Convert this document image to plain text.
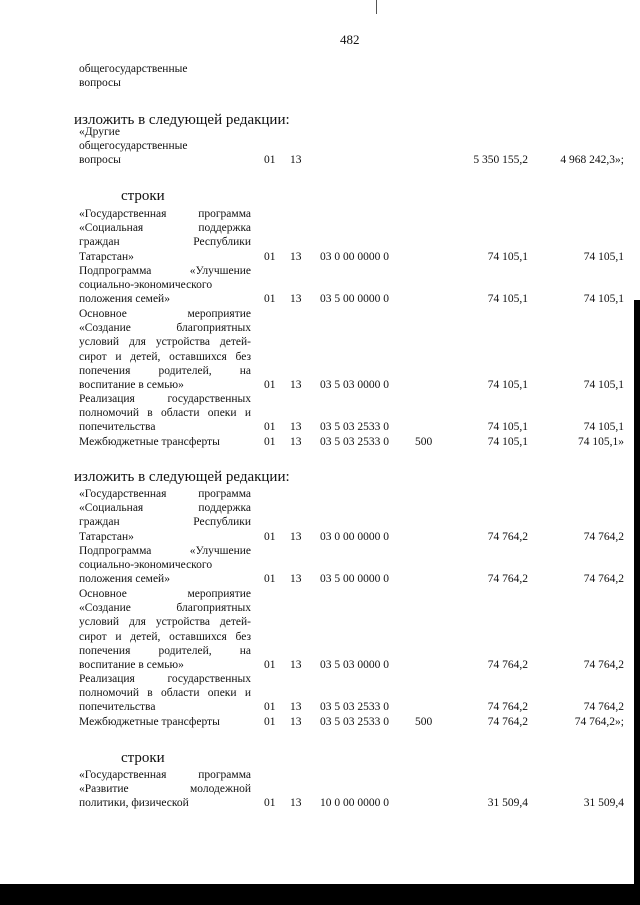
482
общегосударственные
вопросы
изложить в следующей редакции:
«Другие
общегосударственные
вопросы	01 13	5 350 155,2	4 968 242,3»;
строки
«Государственная программа
«Социальная поддержка
граждан Республики
Татарстан»	01 13 03 0 00 0000 0	74 105,1	74 105,1
Подпрограмма «Улучшение
социально-экономического
положения семей»	01 13 03 5 00 0000 0	74 105,1	74 105,1
Основное мероприятие
«Создание благоприятных
условий для устройства детей-
сирот и детей, оставшихся без
попечения родителей, на
воспитание в семью»	01 13 03 5 03 0000 0	74 105,1	74 105,1
Реализация государственных
полномочий в области опеки и
попечительства	01 13 03 5 03 2533 0	74 105,1	74 105,1
Межбюджетные трансферты	01 13 03 5 03 2533 0 500	74 105,1	74 105,1»
изложить в следующей редакции:
«Государственная программа
«Социальная поддержка
граждан Республики
Татарстан»	01 13 03 0 00 0000 0	74 764,2	74 764,2
Подпрограмма «Улучшение
социально-экономического
положения семей»	01 13 03 5 00 0000 0	74 764,2	74 764,2
Основное мероприятие
«Создание благоприятных
условий для устройства детей-
сирот и детей, оставшихся без
попечения родителей, на
воспитание в семью»	01 13 03 5 03 0000 0	74 764,2	74 764,2
Реализация государственных
полномочий в области опеки и
попечительства	01 13 03 5 03 2533 0	74 764,2	74 764,2
Межбюджетные трансферты	01 13 03 5 03 2533 0 500	74 764,2	74 764,2»;
строки
«Государственная программа
«Развитие молодежной
политики, физической	01 13 10 0 00 0000 0	31 509,4	31 509,4
